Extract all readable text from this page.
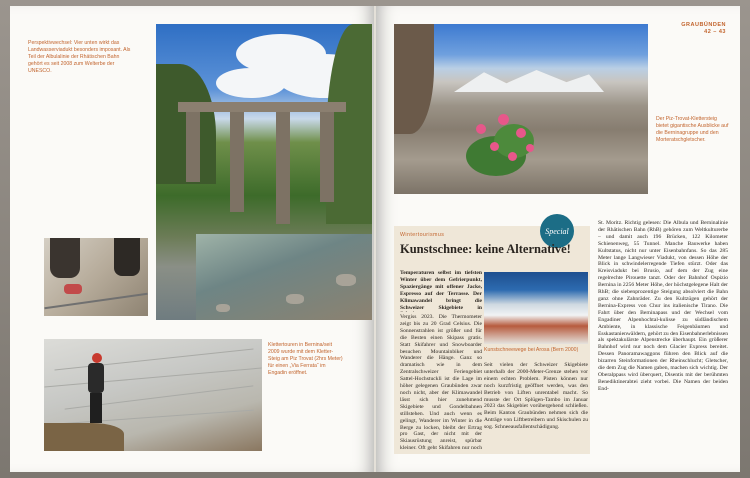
Perspektivwechsel: Vier unten wirkt das Landwasserviadukt besonders imposant. Als Teil der Albulalinie der Rhätischen Bahn gehört es seit 2008 zum Welterbe der UNESCO.
Klettertouren in Bernina/seit 2009 wurde mit dem Kletter-Steig am Piz Trovat (2hrs Meter) für einen „Via Ferrata“ im Engadin eröffnet.
GRAUBÜNDEN
42 – 43
Der Piz-Trovat-Klettersteig bietet gigantische Ausblicke auf die Berninagruppe und den Morteratschgletscher.
Wintertourismus	Special
Kunstschnee: keine Alternative!

Temperaturen selbst im tiefsten Winter über dem Gefrierpunkt, Spaziergänge mit offener Jacke, Espresso auf der Terrasse. Der Klimawandel bringt die Schweizer Skigebiete in

Vergiss 2023. Die Thermometer zeigt bis zu 20 Grad Celsius. Die Sonnenstrahlen ist größer und für die Besten einen Skipass gratis. Statt Skifahrer und Snowboarder besuchen Mountainbiker und Wanderer die Hänge. Ganz so dramatisch wie in dem Zentralschweizer Feriengebiet Sattel-Hochstuckli ist die Lage im höher gelegenen Graubünden zwar noch nicht, aber der Klimawandel lässt sich hier zunehmend Skigebiete und Gondelbahnen stillstehen. Und auch wenn es gelingt, Wanderer im Winter in die Berge zu locken, bleibt der Ertrag pro Gast, der nicht mit der Skiausrüstung anreist, spürbar kleiner. Oft geht Skifahren nur noch

Kunstschneewege bei Arosa (Bern 2000)

Seit vielen der Schweizer Skigebiete unterhalb der 2000-Meter-Grenze stehen vor einem echten Problem. Pisten können nur noch kurzfristig geöffnet werden, was den Betrieb von Liften unrentabel macht. So musste der Ort Splügen-Tambo im Januar 2023 das Skigebiet vorübergehend schließen. Beim Kanton Graubünden nehmen sich die Anträge von Liftbetreibern und Skischulen zu sog. Schneeausfallentschädigung.

St. Moritz. Richtig gelesen: Die Albula und Berninalinie der Rhätischen Bahn (RhB) gehören zum Weltkulturerbe – und damit auch 196 Brücken, 122 Kilometer Schienenweg, 55 Tunnel. Manche Bauwerke haben Kultstatus, nicht nur unter Eisenbahnfans. So das 285 Meter lange Langwieser Viadukt, von dessen Höhe der Blick in schwindelerregende Tiefen stürzt. Oder das Kreisviadukt bei Brusio, auf dem der Zug eine regelrechte Pirouette tanzt. Oder der Bahnhof Ospizio Bernina in 2256 Meter Höhe, der höchstgelegene Halt der RhB; die siebenprozentige Steigung absolviert die Bahn ganz ohne Zahnräder. Zu den Kultzügen gehört der Bernina-Express von Chur ins italienische Tirano. Die Fahrt über den Berninapass und der Wechsel vom Engadiner Alpenhochtal-kulisse zu südländischem Ambiente, in klassische Feigenbäumen und Esskastanienwäldern, gehört zu den Eisenbahnerlebnissen als spektakulärste Alpenstrecke überhaupt. Ein größerer Bahnhof wird nur noch dem Glacier Express bereitet. Dessen Panoramawaggons führen den Blick auf die bizarren Steinformationen der Rheinschlucht; Gletscher, die dem Zug die Namen gaben, machen sich wichtig. Der Oberalppass wird überquert, Disentis mit der berühmten Benediktinerabtei zieht vorbei. Die Namen der beiden End-
